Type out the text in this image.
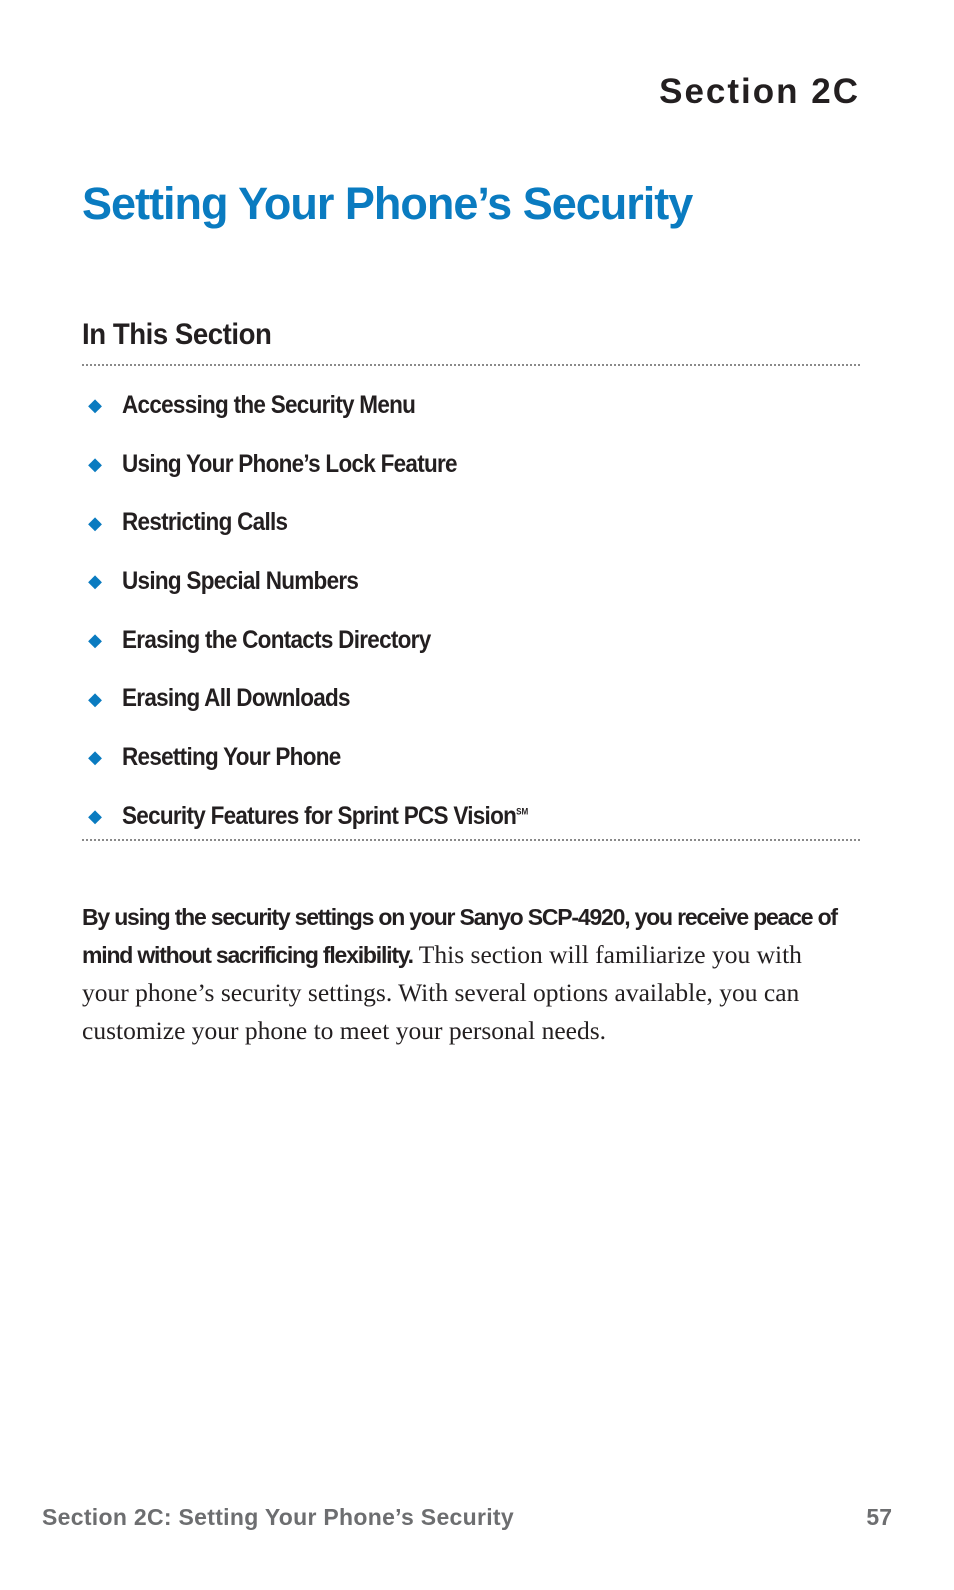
Section 2C
Setting Your Phone’s Security
In This Section
◆ Accessing the Security Menu
◆ Using Your Phone’s Lock Feature
◆ Restricting Calls
◆ Using Special Numbers
◆ Erasing the Contacts Directory
◆ Erasing All Downloads
◆ Resetting Your Phone
◆ Security Features for Sprint PCS Vision℠

By using the security settings on your Sanyo SCP-4920, you receive peace of mind without sacrificing flexibility. This section will familiarize you with your phone’s security settings. With several options available, you can customize your phone to meet your personal needs.

Section 2C: Setting Your Phone’s Security	57
